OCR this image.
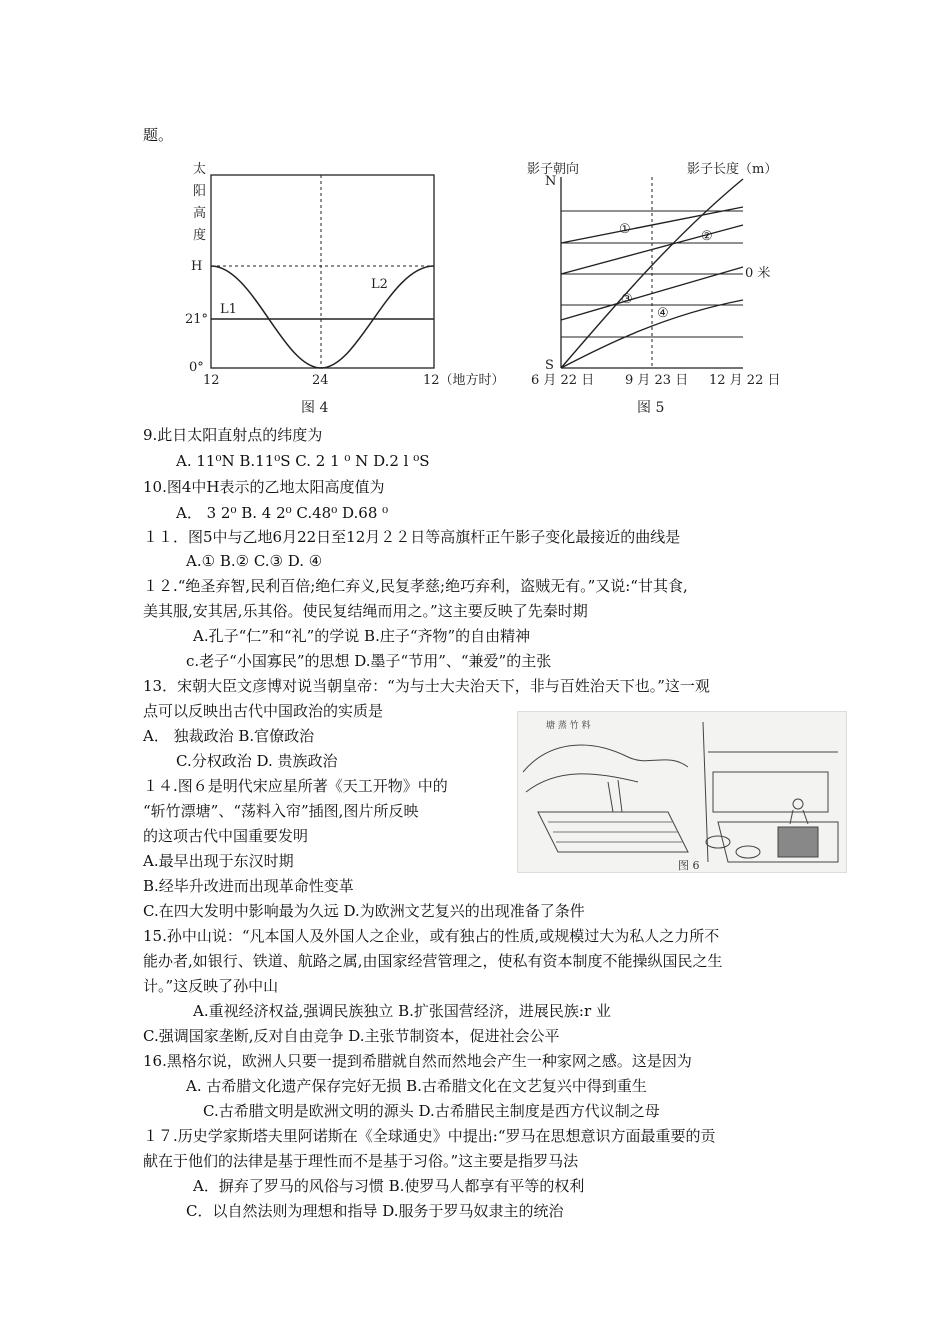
题。
太
阳
高
度
H
21°
0°
12	24	12（地方时）
L1
L2
图 4
影子朝向	影子长度（m）
N
S
0 米
①	②
③
④
6 月 22 日 9 月 23 日 12 月 22 日
图 5
塘 蒸 竹 料
图 6
9.此日太阳直射点的纬度为
A. 11⁰N B.11⁰S C. 2 1 ⁰ N D.2 l ⁰S
10.图4中H表示的乙地太阳高度值为
A． 3 2⁰ B. 4 2⁰ C.48⁰ D.68 ⁰
１１．图5中与乙地6月22日至12月２２日等高旗杆正午影子变化最接近的曲线是
A.① B.② C.③ D. ④
１２.“绝圣弃智,民利百倍;绝仁弃义,民复孝慈;绝巧弃利，盗贼无有。”又说:“甘其食,
美其服,安其居,乐其俗。使民复结绳而用之。”这主要反映了先秦时期
A.孔子“仁”和“礼”的学说 B.庄子“齐物”的自由精神
c.老子“小国寡民”的思想 D.墨子“节用”、“兼爱”的主张
13．宋朝大臣文彦博对说当朝皇帝：“为与士大夫治天下，非与百姓治天下也。”这一观
点可以反映出古代中国政治的实质是
A． 独裁政治 B.官僚政治
C.分权政治 D. 贵族政治
１４.图６是明代宋应星所著《天工开物》中的
“斩竹漂塘”、“荡料入帘”插图,图片所反映
的这项古代中国重要发明
A.最早出现于东汉时期
B.经毕升改进而出现革命性变革
C.在四大发明中影响最为久远 D.为欧洲文艺复兴的出现准备了条件
15.孙中山说：“凡本国人及外国人之企业，或有独占的性质,或规模过大为私人之力所不
能办者,如银行、铁道、航路之属,由国家经营管理之，使私有资本制度不能操纵国民之生
计。”这反映了孙中山
A.重视经济权益,强调民族独立 B.扩张国营经济，进展民族:r 业
C.强调国家垄断,反对自由竞争 D.主张节制资本，促进社会公平
16.黑格尔说，欧洲人只要一提到希腊就自然而然地会产生一种家网之感。这是因为
A. 古希腊文化遗产保存完好无损 B.古希腊文化在文艺复兴中得到重生
C.古希腊文明是欧洲文明的源头 D.古希腊民主制度是西方代议制之母
１７.历史学家斯塔夫里阿诺斯在《全球通史》中提出:“罗马在思想意识方面最重要的贡
献在于他们的法律是基于理性而不是基于习俗。”这主要是指罗马法
A．摒弃了罗马的风俗与习惯 B.使罗马人都享有平等的权利
C．以自然法则为理想和指导 D.服务于罗马奴隶主的统治
